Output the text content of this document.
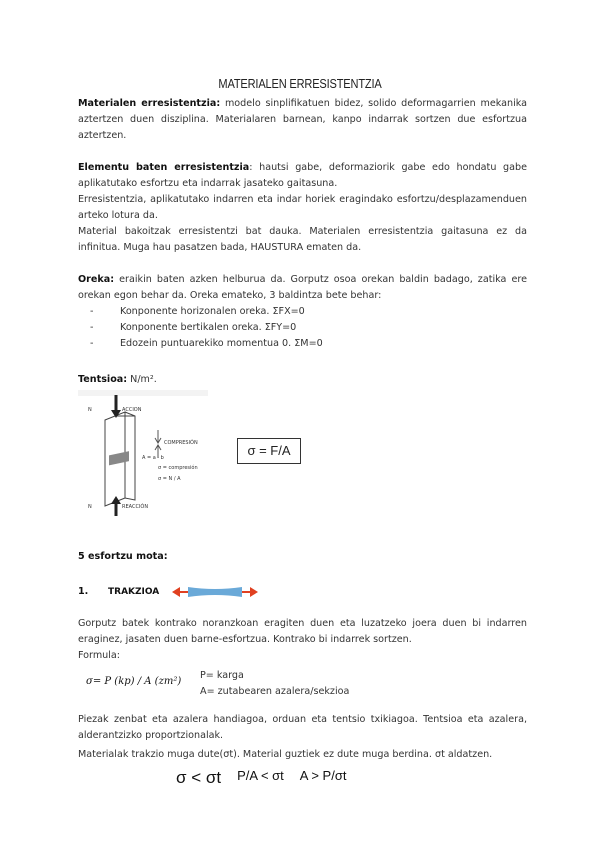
MATERIALEN ERRESISTENTZIA
Materialen erresistentzia: modelo sinplifikatuen bidez, solido deformagarrien mekanika aztertzen duen disziplina. Materialaren barnean, kanpo indarrak sortzen due esfortzua aztertzen.
Elementu baten erresistentzia: hautsi gabe, deformaziorik gabe edo hondatu gabe aplikatutako esfortzu eta indarrak jasateko gaitasuna.
Erresistentzia, aplikatutako indarren eta indar horiek eragindako esfortzu/desplazamenduen arteko lotura da.
Material bakoitzak erresistentzi bat dauka. Materialen erresistentzia gaitasuna ez da infinitua. Muga hau pasatzen bada, HAUSTURA ematen da.
Oreka: eraikin baten azken helburua da. Gorputz osoa orekan baldin badago, zatika ere orekan egon behar da. Oreka emateko, 3 baldintza bete behar:
-	Konponente horizonalen oreka. ΣFX=0
-	Konponente bertikalen oreka. ΣFY=0
-	Edozein puntuarekiko momentua 0. ΣM=0
Tentsioa: N/m².
N	ACCION
A = a · b
COMPRESIÓN
σ = compresión
σ = N / A
N	REACCIÓN
σ = F/A
5 esfortzu mota:
1.	TRAKZIOA
Gorputz batek kontrako noranzkoan eragiten duen eta luzatzeko joera duen bi indarren eraginez, jasaten duen barne-esfortzua. Kontrako bi indarrek sortzen.
Formula:
σ= P (kp) / A (zm²)
P= karga
A= zutabearen azalera/sekzioa
Piezak zenbat eta azalera handiagoa, orduan eta tentsio txikiagoa. Tentsioa eta azalera, alderantzizko proportzionalak.
Materialak trakzio muga dute(σt). Material guztiek ez dute muga berdina. σt aldatzen.
σ < σt P/A < σt A > P/σt
